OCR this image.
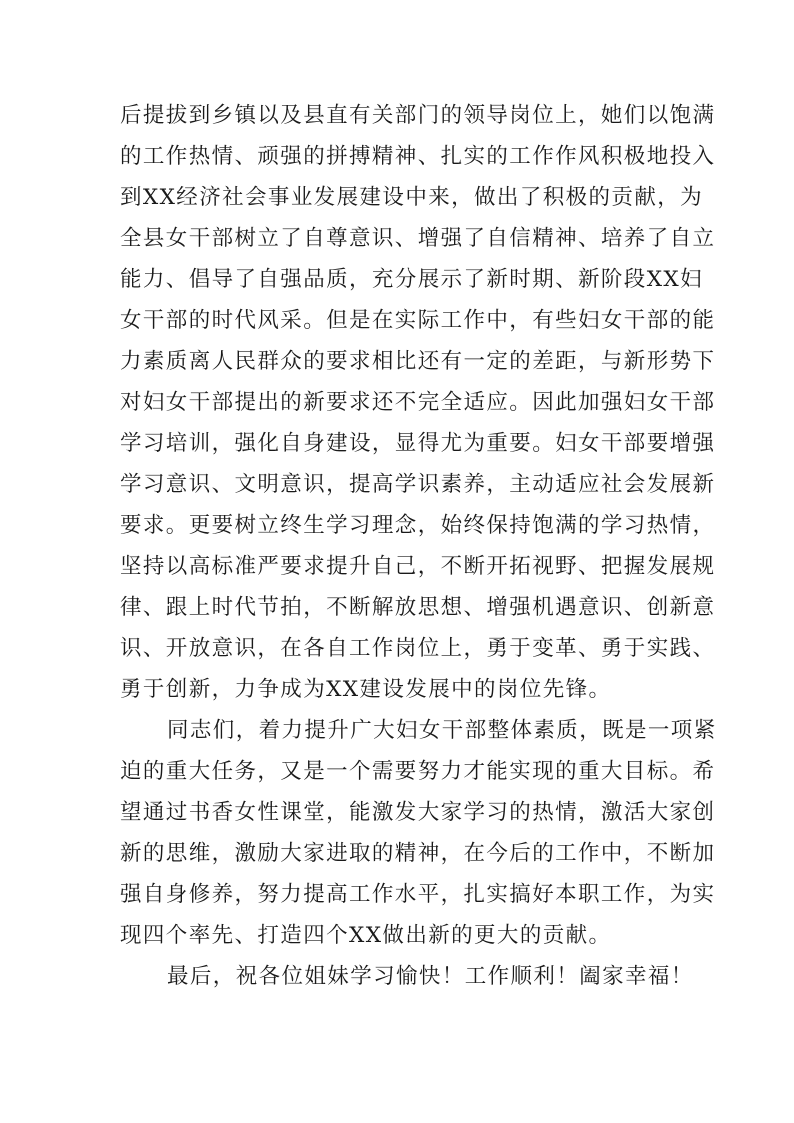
后提拔到乡镇以及县直有关部门的领导岗位上，她们以饱满
的工作热情、顽强的拼搏精神、扎实的工作作风积极地投入
到XX经济社会事业发展建设中来，做出了积极的贡献，为
全县女干部树立了自尊意识、增强了自信精神、培养了自立
能力、倡导了自强品质，充分展示了新时期、新阶段XX妇
女干部的时代风采。但是在实际工作中，有些妇女干部的能
力素质离人民群众的要求相比还有一定的差距，与新形势下
对妇女干部提出的新要求还不完全适应。因此加强妇女干部
学习培训，强化自身建设，显得尤为重要。妇女干部要增强
学习意识、文明意识，提高学识素养，主动适应社会发展新
要求。更要树立终生学习理念，始终保持饱满的学习热情，
坚持以高标准严要求提升自己，不断开拓视野、把握发展规
律、跟上时代节拍，不断解放思想、增强机遇意识、创新意
识、开放意识，在各自工作岗位上，勇于变革、勇于实践、
勇于创新，力争成为XX建设发展中的岗位先锋。
同志们，着力提升广大妇女干部整体素质，既是一项紧
迫的重大任务，又是一个需要努力才能实现的重大目标。希
望通过书香女性课堂，能激发大家学习的热情，激活大家创
新的思维，激励大家进取的精神，在今后的工作中，不断加
强自身修养，努力提高工作水平，扎实搞好本职工作，为实
现四个率先、打造四个XX做出新的更大的贡献。
最后，祝各位姐妹学习愉快！工作顺利！阖家幸福！
